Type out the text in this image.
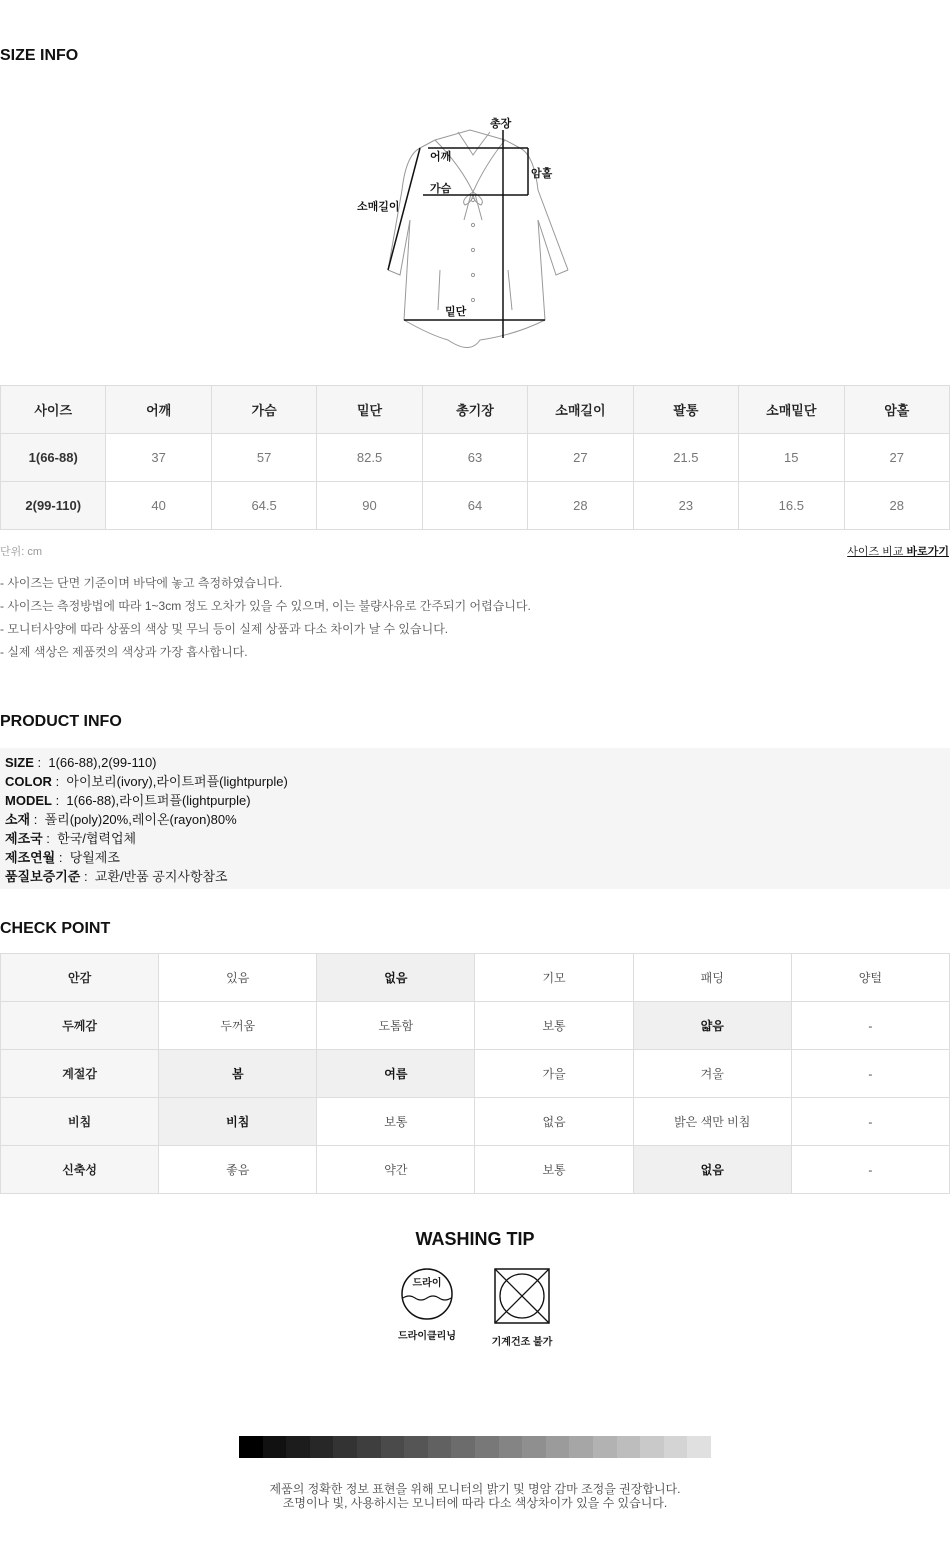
SIZE INFO
총장
어깨
암홀
가슴
소매길이
밑단
사이즈	어깨	가슴	밑단	총기장	소매길이	팔통	소매밑단	암홀
1(66-88)	37	57	82.5	63	27	21.5	15	27
2(99-110)	40	64.5	90	64	28	23	16.5	28
단위: cm	사이즈 비교 바로가기
- 사이즈는 단면 기준이며 바닥에 놓고 측정하였습니다.
- 사이즈는 측정방법에 따라 1~3cm 정도 오차가 있을 수 있으며, 이는 불량사유로 간주되기 어렵습니다.
- 모니터사양에 따라 상품의 색상 및 무늬 등이 실제 상품과 다소 차이가 날 수 있습니다.
- 실제 색상은 제품컷의 색상과 가장 흡사합니다.
PRODUCT INFO
SIZE :  1(66-88),2(99-110)
COLOR :  아이보리(ivory),라이트퍼플(lightpurple)
MODEL :  1(66-88),라이트퍼플(lightpurple)
소재 :  폴리(poly)20%,레이온(rayon)80%
제조국 :  한국/협력업체
제조연월 :  당월제조
품질보증기준 :  교환/반품 공지사항참조
CHECK POINT
안감	있음	없음	기모	패딩	양털
두께감	두꺼움	도톰함	보통	얇음	-
계절감	봄	여름	가을	겨울	-
비침	비침	보통	없음	밝은 색만 비침	-
신축성	좋음	약간	보통	없음	-
WASHING TIP
드라이
드라이클리닝
기계건조 불가
제품의 정확한 정보 표현을 위해 모니터의 밝기 및 명암 감마 조정을 권장합니다.
조명이나 빛, 사용하시는 모니터에 따라 다소 색상차이가 있을 수 있습니다.
